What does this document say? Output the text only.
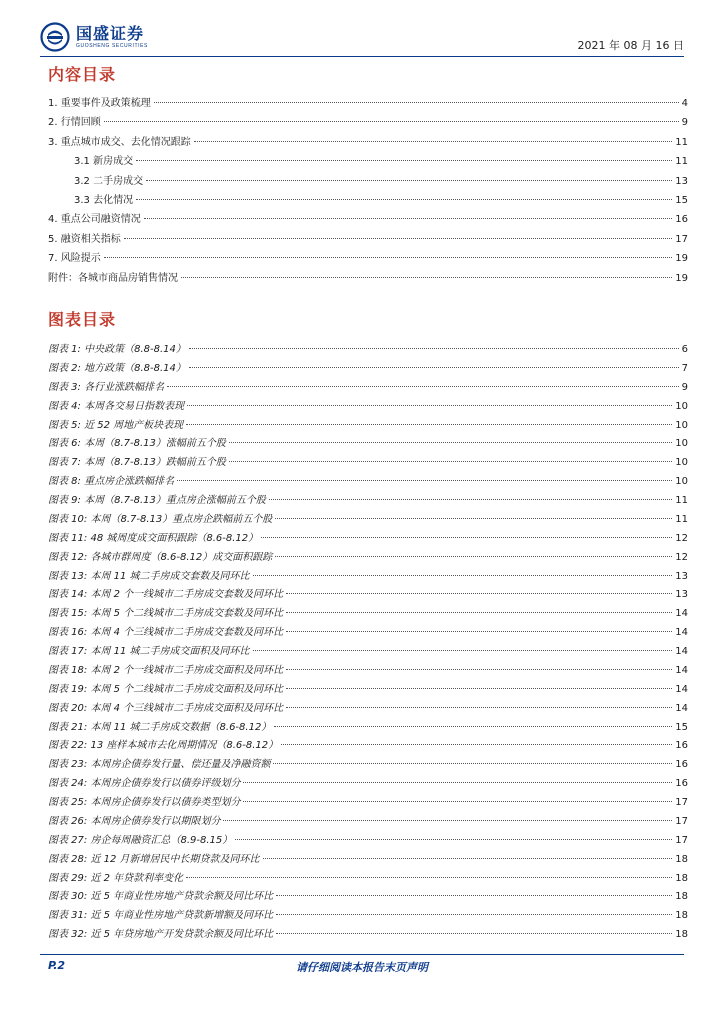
国盛证券
GUOSHENG SECURITIES	2021 年 08 月 16 日
内容目录
1. 重要事件及政策梳理	4
2. 行情回顾	9
3. 重点城市成交、去化情况跟踪	11
3.1 新房成交	11
3.2 二手房成交	13
3.3 去化情况	15
4. 重点公司融资情况	16
5. 融资相关指标	17
7. 风险提示	19
附件：各城市商品房销售情况	19
图表目录
图表 1: 中央政策（8.8-8.14）	6
图表 2: 地方政策（8.8-8.14）	7
图表 3: 各行业涨跌幅排名	9
图表 4: 本周各交易日指数表现	10
图表 5: 近 52 周地产板块表现	10
图表 6: 本周（8.7-8.13）涨幅前五个股	10
图表 7: 本周（8.7-8.13）跌幅前五个股	10
图表 8: 重点房企涨跌幅排名	10
图表 9: 本周（8.7-8.13）重点房企涨幅前五个股	11
图表 10: 本周（8.7-8.13）重点房企跌幅前五个股	11
图表 11: 48 城周度成交面积跟踪（8.6-8.12）	12
图表 12: 各城市群周度（8.6-8.12）成交面积跟踪	12
图表 13: 本周 11 城二手房成交套数及同环比	13
图表 14: 本周 2 个一线城市二手房成交套数及同环比	13
图表 15: 本周 5 个二线城市二手房成交套数及同环比	14
图表 16: 本周 4 个三线城市二手房成交套数及同环比	14
图表 17: 本周 11 城二手房成交面积及同环比	14
图表 18: 本周 2 个一线城市二手房成交面积及同环比	14
图表 19: 本周 5 个二线城市二手房成交面积及同环比	14
图表 20: 本周 4 个三线城市二手房成交面积及同环比	14
图表 21: 本周 11 城二手房成交数据（8.6-8.12）	15
图表 22: 13 座样本城市去化周期情况（8.6-8.12）	16
图表 23: 本周房企债券发行量、偿还量及净融资额	16
图表 24: 本周房企债券发行以债券评级划分	16
图表 25: 本周房企债券发行以债券类型划分	17
图表 26: 本周房企债券发行以期限划分	17
图表 27: 房企每周融资汇总（8.9-8.15）	17
图表 28: 近 12 月新增居民中长期贷款及同环比	18
图表 29: 近 2 年贷款利率变化	18
图表 30: 近 5 年商业性房地产贷款余额及同比环比	18
图表 31: 近 5 年商业性房地产贷款新增额及同环比	18
图表 32: 近 5 年贷房地产开发贷款余额及同比环比	18
P.2	请仔细阅读本报告末页声明
